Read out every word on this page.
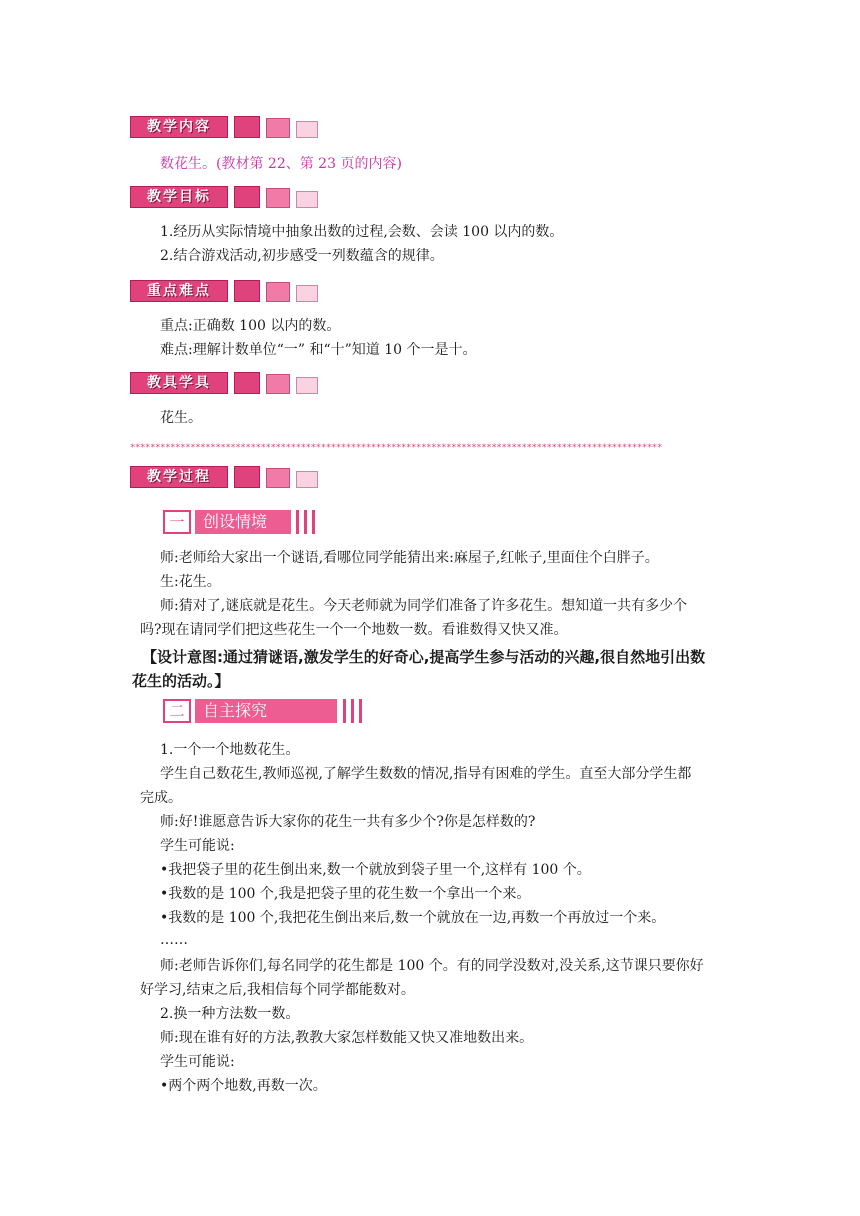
教学内容
数花生。(教材第 22、第 23 页的内容)
教学目标
1.经历从实际情境中抽象出数的过程,会数、会读 100 以内的数。
2.结合游戏活动,初步感受一列数蕴含的规律。
重点难点
重点:正确数 100 以内的数。
难点:理解计数单位“一” 和“十”知道 10 个一是十。
教具学具
花生。
**********************************************************************************************************
教学过程
一	创设情境
师:老师给大家出一个谜语,看哪位同学能猜出来:麻屋子,红帐子,里面住个白胖子。
生:花生。
师:猜对了,谜底就是花生。今天老师就为同学们准备了许多花生。想知道一共有多少个
吗?现在请同学们把这些花生一个一个地数一数。看谁数得又快又准。
【设计意图:通过猜谜语,激发学生的好奇心,提高学生参与活动的兴趣,很自然地引出数
花生的活动。】
二	自主探究
1.一个一个地数花生。
学生自己数花生,教师巡视,了解学生数数的情况,指导有困难的学生。直至大部分学生都
完成。
师:好!谁愿意告诉大家你的花生一共有多少个?你是怎样数的?
学生可能说:
•我把袋子里的花生倒出来,数一个就放到袋子里一个,这样有 100 个。
•我数的是 100 个,我是把袋子里的花生数一个拿出一个来。
•我数的是 100 个,我把花生倒出来后,数一个就放在一边,再数一个再放过一个来。
……
师:老师告诉你们,每名同学的花生都是 100 个。有的同学没数对,没关系,这节课只要你好
好学习,结束之后,我相信每个同学都能数对。
2.换一种方法数一数。
师:现在谁有好的方法,教教大家怎样数能又快又准地数出来。
学生可能说:
•两个两个地数,再数一次。
